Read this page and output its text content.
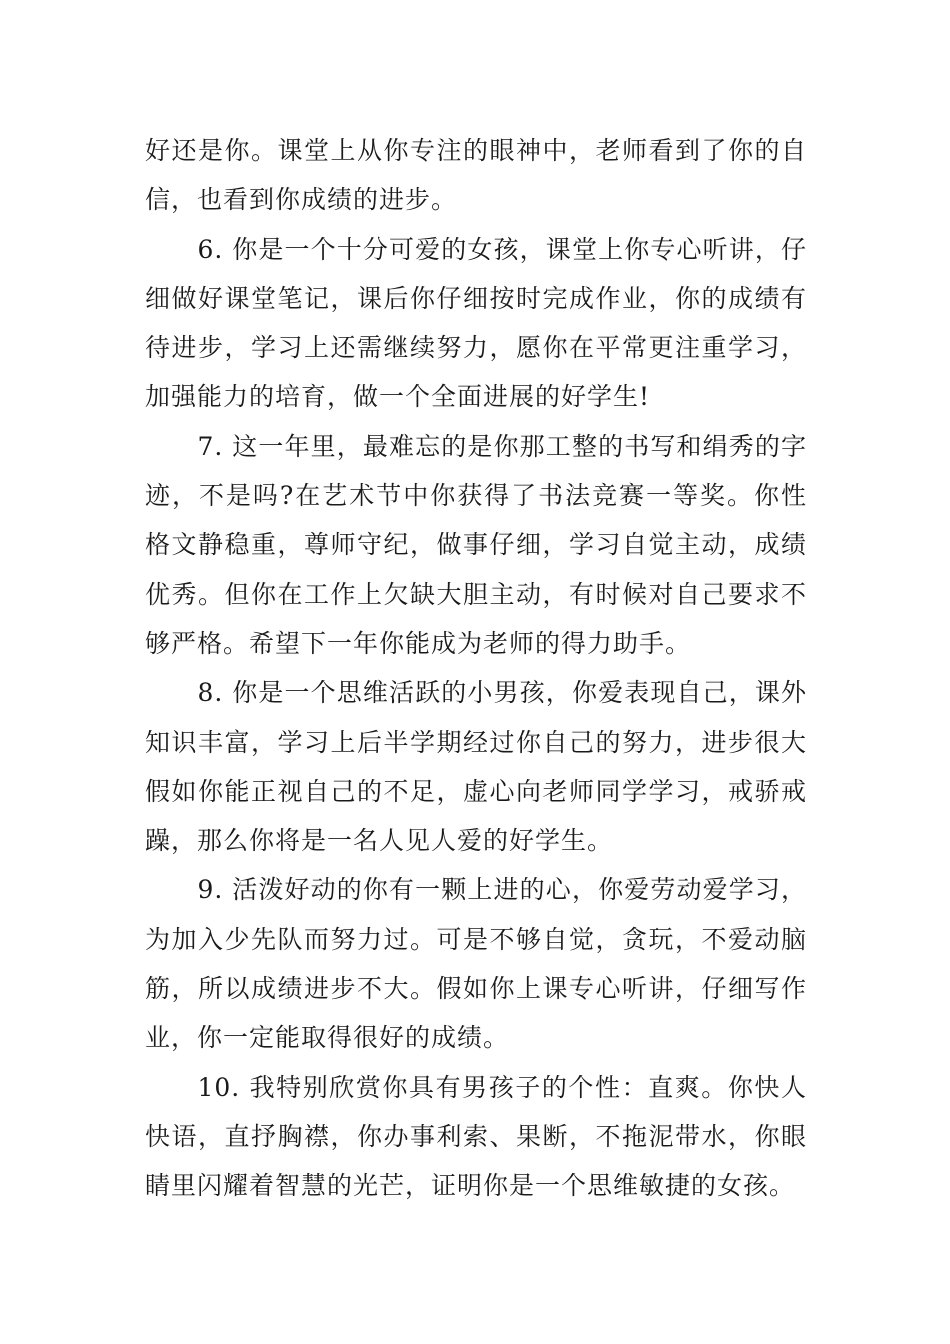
好还是你。课堂上从你专注的眼神中，老师看到了你的自信，也看到你成绩的进步。

6. 你是一个十分可爱的女孩，课堂上你专心听讲，仔细做好课堂笔记，课后你仔细按时完成作业，你的成绩有待进步，学习上还需继续努力，愿你在平常更注重学习，加强能力的培育，做一个全面进展的好学生!

7. 这一年里，最难忘的是你那工整的书写和绢秀的字迹，不是吗?在艺术节中你获得了书法竞赛一等奖。你性格文静稳重，尊师守纪，做事仔细，学习自觉主动，成绩优秀。但你在工作上欠缺大胆主动，有时候对自己要求不够严格。希望下一年你能成为老师的得力助手。

8. 你是一个思维活跃的小男孩，你爱表现自己，课外知识丰富，学习上后半学期经过你自己的努力，进步很大假如你能正视自己的不足，虚心向老师同学学习，戒骄戒躁，那么你将是一名人见人爱的好学生。

9. 活泼好动的你有一颗上进的心，你爱劳动爱学习，为加入少先队而努力过。可是不够自觉，贪玩，不爱动脑筋，所以成绩进步不大。假如你上课专心听讲，仔细写作业，你一定能取得很好的成绩。

10. 我特别欣赏你具有男孩子的个性：直爽。你快人快语，直抒胸襟，你办事利索、果断，不拖泥带水，你眼睛里闪耀着智慧的光芒，证明你是一个思维敏捷的女孩。
